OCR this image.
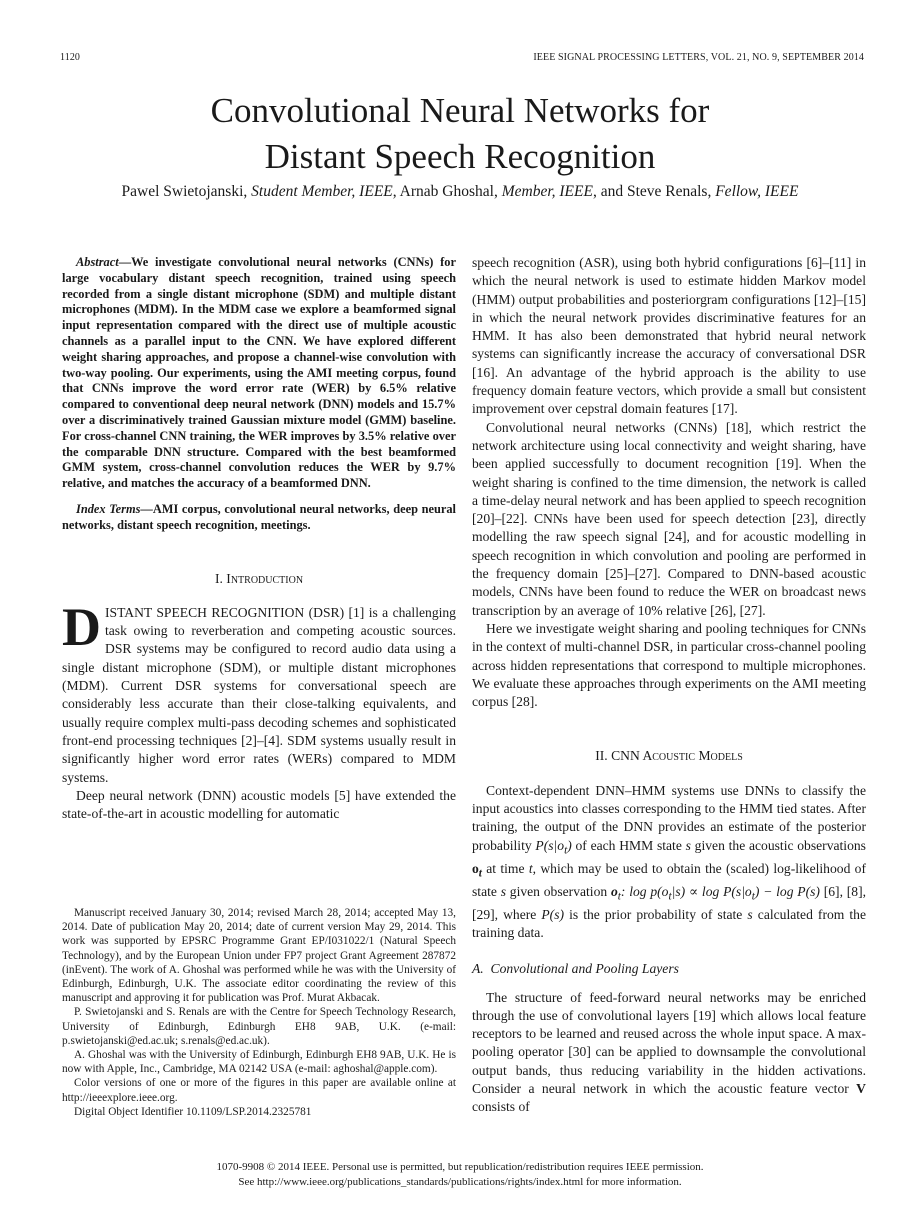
1120	IEEE SIGNAL PROCESSING LETTERS, VOL. 21, NO. 9, SEPTEMBER 2014
Convolutional Neural Networks for
Distant Speech Recognition
Pawel Swietojanski, Student Member, IEEE, Arnab Ghoshal, Member, IEEE, and Steve Renals, Fellow, IEEE

Abstract—We investigate convolutional neural networks (CNNs) for large vocabulary distant speech recognition, trained using speech recorded from a single distant microphone (SDM) and multiple distant microphones (MDM). In the MDM case we explore a beamformed signal input representation compared with the direct use of multiple acoustic channels as a parallel input to the CNN. We have explored different weight sharing approaches, and propose a channel-wise convolution with two-way pooling. Our experiments, using the AMI meeting corpus, found that CNNs improve the word error rate (WER) by 6.5% relative compared to conventional deep neural network (DNN) models and 15.7% over a discriminatively trained Gaussian mixture model (GMM) baseline. For cross-channel CNN training, the WER improves by 3.5% relative over the comparable DNN structure. Compared with the best beamformed GMM system, cross-channel convolution reduces the WER by 9.7% relative, and matches the accuracy of a beamformed DNN.

Index Terms—AMI corpus, convolutional neural networks, deep neural networks, distant speech recognition, meetings.

I. Introduction

DISTANT SPEECH RECOGNITION (DSR) [1] is a challenging task owing to reverberation and competing acoustic sources. DSR systems may be configured to record audio data using a single distant microphone (SDM), or multiple distant microphones (MDM). Current DSR systems for conversational speech are considerably less accurate than their close-talking equivalents, and usually require complex multi-pass decoding schemes and sophisticated front-end processing techniques [2]–[4]. SDM systems usually result in significantly higher word error rates (WERs) compared to MDM systems.

Deep neural network (DNN) acoustic models [5] have extended the state-of-the-art in acoustic modelling for automatic

Manuscript received January 30, 2014; revised March 28, 2014; accepted May 13, 2014. Date of publication May 20, 2014; date of current version May 29, 2014. This work was supported by EPSRC Programme Grant EP/I031022/1 (Natural Speech Technology), and by the European Union under FP7 project Grant Agreement 287872 (inEvent). The work of A. Ghoshal was performed while he was with the University of Edinburgh, Edinburgh, U.K. The associate editor coordinating the review of this manuscript and approving it for publication was Prof. Murat Akbacak.

P. Swietojanski and S. Renals are with the Centre for Speech Technology Research, University of Edinburgh, Edinburgh EH8 9AB, U.K. (e-mail: p.swietojanski@ed.ac.uk; s.renals@ed.ac.uk).

A. Ghoshal was with the University of Edinburgh, Edinburgh EH8 9AB, U.K. He is now with Apple, Inc., Cambridge, MA 02142 USA (e-mail: aghoshal@apple.com).

Color versions of one or more of the figures in this paper are available online at http://ieeexplore.ieee.org.

Digital Object Identifier 10.1109/LSP.2014.2325781

speech recognition (ASR), using both hybrid configurations [6]–[11] in which the neural network is used to estimate hidden Markov model (HMM) output probabilities and posteriorgram configurations [12]–[15] in which the neural network provides discriminative features for an HMM. It has also been demonstrated that hybrid neural network systems can significantly increase the accuracy of conversational DSR [16]. An advantage of the hybrid approach is the ability to use frequency domain feature vectors, which provide a small but consistent improvement over cepstral domain features [17].

Convolutional neural networks (CNNs) [18], which restrict the network architecture using local connectivity and weight sharing, have been applied successfully to document recognition [19]. When the weight sharing is confined to the time dimension, the network is called a time-delay neural network and has been applied to speech recognition [20]–[22]. CNNs have been used for speech detection [23], directly modelling the raw speech signal [24], and for acoustic modelling in speech recognition in which convolution and pooling are performed in the frequency domain [25]–[27]. Compared to DNN-based acoustic models, CNNs have been found to reduce the WER on broadcast news transcription by an average of 10% relative [26], [27].

Here we investigate weight sharing and pooling techniques for CNNs in the context of multi-channel DSR, in particular cross-channel pooling across hidden representations that correspond to multiple microphones. We evaluate these approaches through experiments on the AMI meeting corpus [28].

II. CNN Acoustic Models

Context-dependent DNN–HMM systems use DNNs to classify the input acoustics into classes corresponding to the HMM tied states. After training, the output of the DNN provides an estimate of the posterior probability $P(s|o_t)$ of each HMM state s given the acoustic observations $o_t$ at time t, which may be used to obtain the (scaled) log-likelihood of state s given observation $o_t$: $\log p(o_t|s) \propto \log P(s|o_t) - \log P(s)$ [6], [8], [29], where P(s) is the prior probability of state s calculated from the training data.

A. Convolutional and Pooling Layers

The structure of feed-forward neural networks may be enriched through the use of convolutional layers [19] which allows local feature receptors to be learned and reused across the whole input space. A max-pooling operator [30] can be applied to downsample the convolutional output bands, thus reducing variability in the hidden activations. Consider a neural network in which the acoustic feature vector V consists of

1070-9908 © 2014 IEEE. Personal use is permitted, but republication/redistribution requires IEEE permission.
See http://www.ieee.org/publications_standards/publications/rights/index.html for more information.
